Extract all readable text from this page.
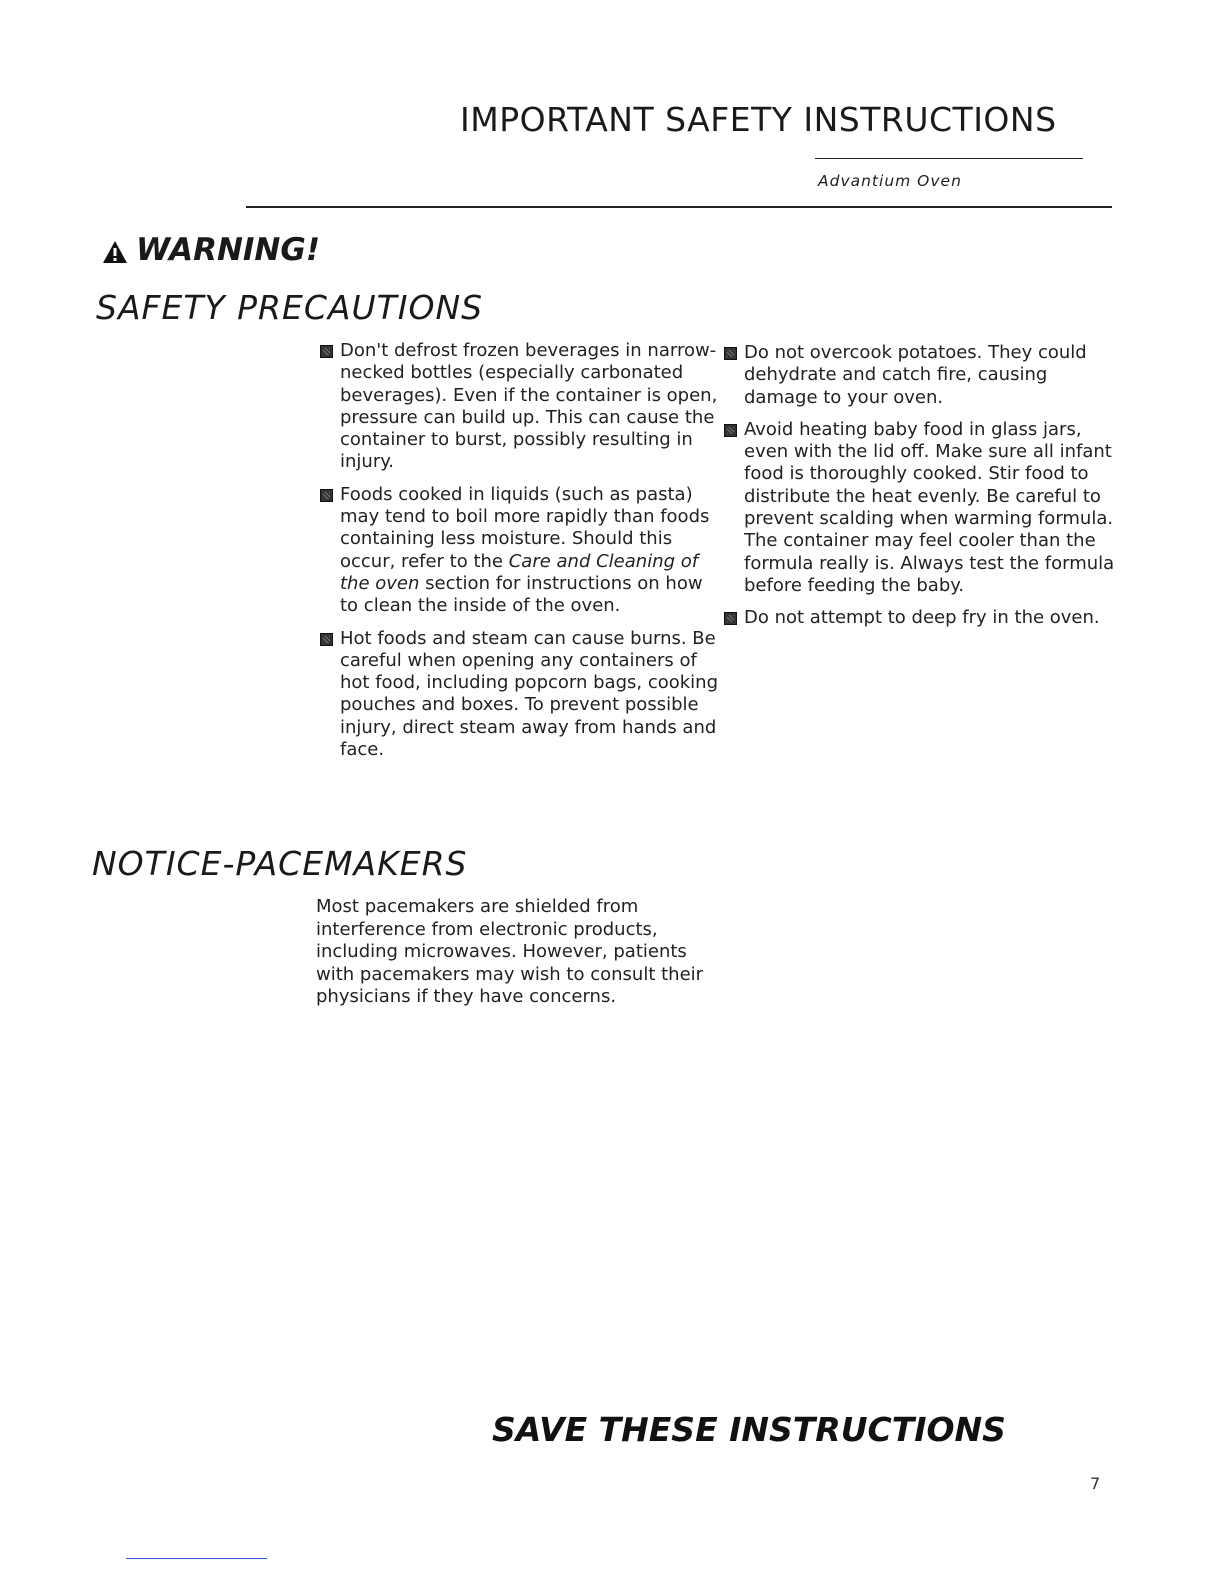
IMPORTANT SAFETY INSTRUCTIONS
Advantium Oven
WARNING!
SAFETY PRECAUTIONS
Don't defrost frozen beverages in narrow-necked bottles (especially carbonated beverages). Even if the container is open, pressure can build up. This can cause the container to burst, possibly resulting in injury.
Foods cooked in liquids (such as pasta) may tend to boil more rapidly than foods containing less moisture. Should this occur, refer to the Care and Cleaning of the oven section for instructions on how to clean the inside of the oven.
Hot foods and steam can cause burns. Be careful when opening any containers of hot food, including popcorn bags, cooking pouches and boxes. To prevent possible injury, direct steam away from hands and face.
Do not overcook potatoes. They could dehydrate and catch fire, causing damage to your oven.
Avoid heating baby food in glass jars, even with the lid off. Make sure all infant food is thoroughly cooked. Stir food to distribute the heat evenly. Be careful to prevent scalding when warming formula. The container may feel cooler than the formula really is. Always test the formula before feeding the baby.
Do not attempt to deep fry in the oven.
NOTICE-PACEMAKERS
Most pacemakers are shielded from interference from electronic products, including microwaves. However, patients with pacemakers may wish to consult their physicians if they have concerns.
SAVE THESE INSTRUCTIONS
7
